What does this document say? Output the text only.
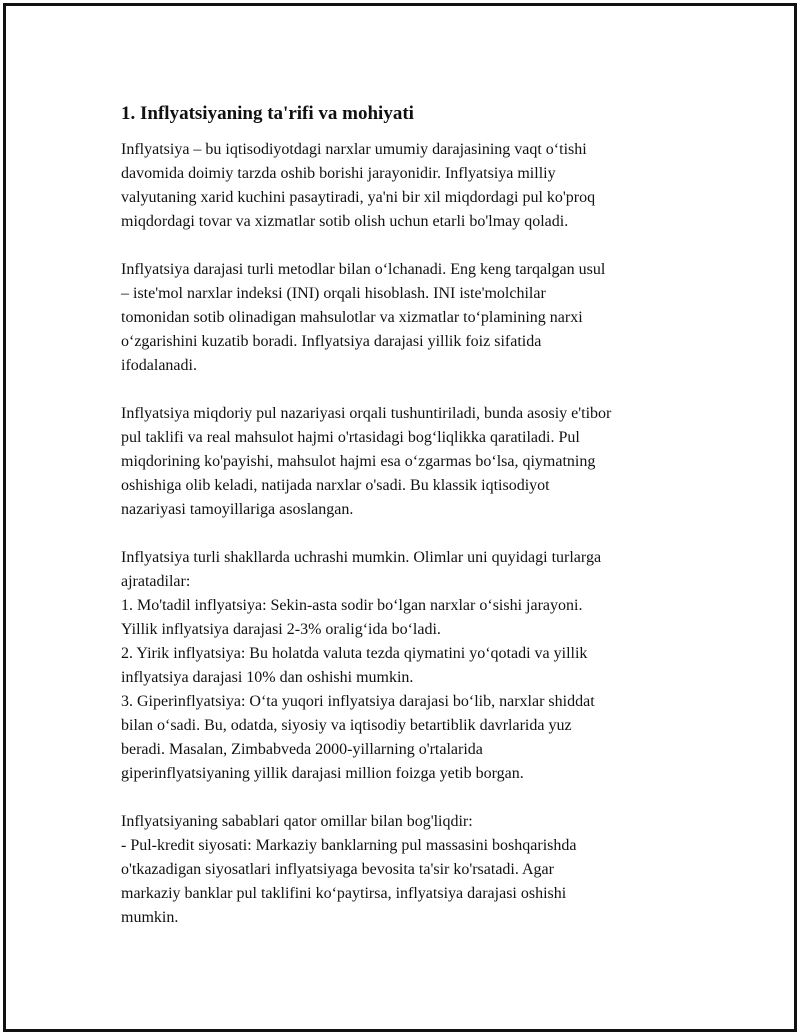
1. Inflyatsiyaning ta'rifi va mohiyati
Inflyatsiya – bu iqtisodiyotdagi narxlar umumiy darajasining vaqt o‘tishi
davomida doimiy tarzda oshib borishi jarayonidir. Inflyatsiya milliy
valyutaning xarid kuchini pasaytiradi, ya'ni bir xil miqdordagi pul ko'proq
miqdordagi tovar va xizmatlar sotib olish uchun etarli bo'lmay qoladi.
Inflyatsiya darajasi turli metodlar bilan o‘lchanadi. Eng keng tarqalgan usul
– iste'mol narxlar indeksi (INI) orqali hisoblash. INI iste'molchilar
tomonidan sotib olinadigan mahsulotlar va xizmatlar to‘plamining narxi
o‘zgarishini kuzatib boradi. Inflyatsiya darajasi yillik foiz sifatida
ifodalanadi.
Inflyatsiya miqdoriy pul nazariyasi orqali tushuntiriladi, bunda asosiy e'tibor
pul taklifi va real mahsulot hajmi o'rtasidagi bog‘liqlikka qaratiladi. Pul
miqdorining ko'payishi, mahsulot hajmi esa o‘zgarmas bo‘lsa, qiymatning
oshishiga olib keladi, natijada narxlar o'sadi. Bu klassik iqtisodiyot
nazariyasi tamoyillariga asoslangan.
Inflyatsiya turli shakllarda uchrashi mumkin. Olimlar uni quyidagi turlarga
ajratadilar:
1. Mo'tadil inflyatsiya: Sekin-asta sodir bo‘lgan narxlar o‘sishi jarayoni.
Yillik inflyatsiya darajasi 2-3% oralig‘ida bo‘ladi.
2. Yirik inflyatsiya: Bu holatda valuta tezda qiymatini yo‘qotadi va yillik
inflyatsiya darajasi 10% dan oshishi mumkin.
3. Giperinflyatsiya: O‘ta yuqori inflyatsiya darajasi bo‘lib, narxlar shiddat
bilan o‘sadi. Bu, odatda, siyosiy va iqtisodiy betartiblik davrlarida yuz
beradi. Masalan, Zimbabveda 2000-yillarning o'rtalarida
giperinflyatsiyaning yillik darajasi million foizga yetib borgan.
Inflyatsiyaning sabablari qator omillar bilan bog'liqdir:
- Pul-kredit siyosati: Markaziy banklarning pul massasini boshqarishda
o'tkazadigan siyosatlari inflyatsiyaga bevosita ta'sir ko'rsatadi. Agar
markaziy banklar pul taklifini ko‘paytirsa, inflyatsiya darajasi oshishi
mumkin.
